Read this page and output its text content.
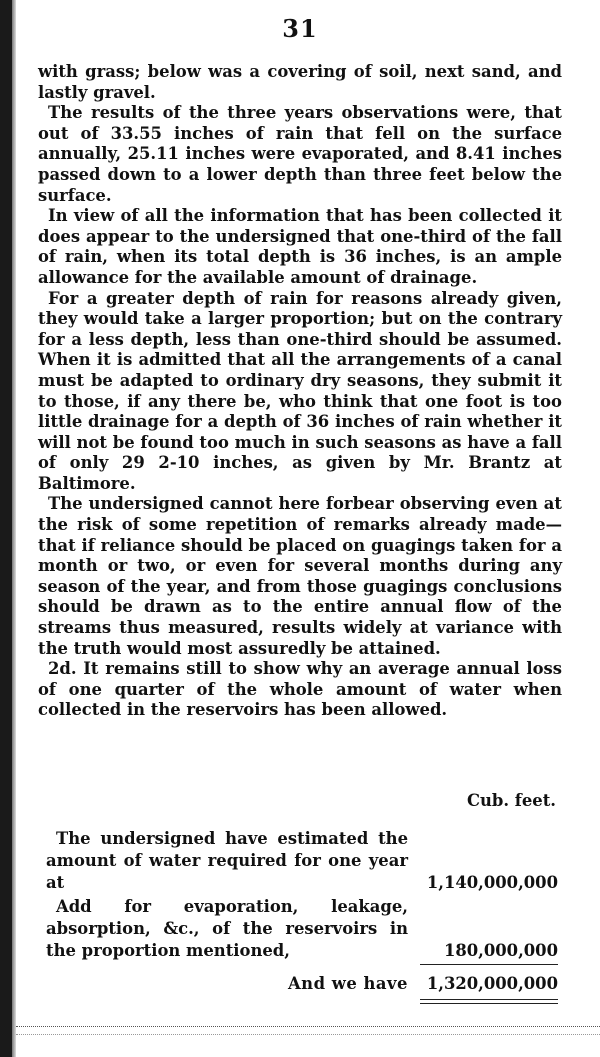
31

with grass; below was a covering of soil, next sand, and lastly gravel.

The results of the three years observations were, that out of 33.55 inches of rain that fell on the surface annually, 25.11 inches were evaporated, and 8.41 inches passed down to a lower depth than three feet below the surface.

In view of all the information that has been collected it does appear to the undersigned that one-third of the fall of rain, when its total depth is 36 inches, is an ample allowance for the available amount of drainage.

For a greater depth of rain for reasons already given, they would take a larger proportion; but on the contrary for a less depth, less than one-third should be assumed. When it is admitted that all the arrangements of a canal must be adapted to ordinary dry seasons, they submit it to those, if any there be, who think that one foot is too little drainage for a depth of 36 inches of rain whether it will not be found too much in such seasons as have a fall of only 29 2-10 inches, as given by Mr. Brantz at Baltimore.

The undersigned cannot here forbear observing even at the risk of some repetition of remarks already made—that if reliance should be placed on guagings taken for a month or two, or even for several months during any season of the year, and from those guagings conclusions should be drawn as to the entire annual flow of the streams thus measured, results widely at variance with the truth would most assuredly be attained.

2d. It remains still to show why an average annual loss of one quarter of the whole amount of water when collected in the reservoirs has been allowed.

Cub. feet.
The undersigned have estimated the amount of water required for one year at	1,140,000,000
Add for evaporation, leakage, absorption, &c., of the reservoirs in the proportion mentioned,	180,000,000
And we have	1,320,000,000
